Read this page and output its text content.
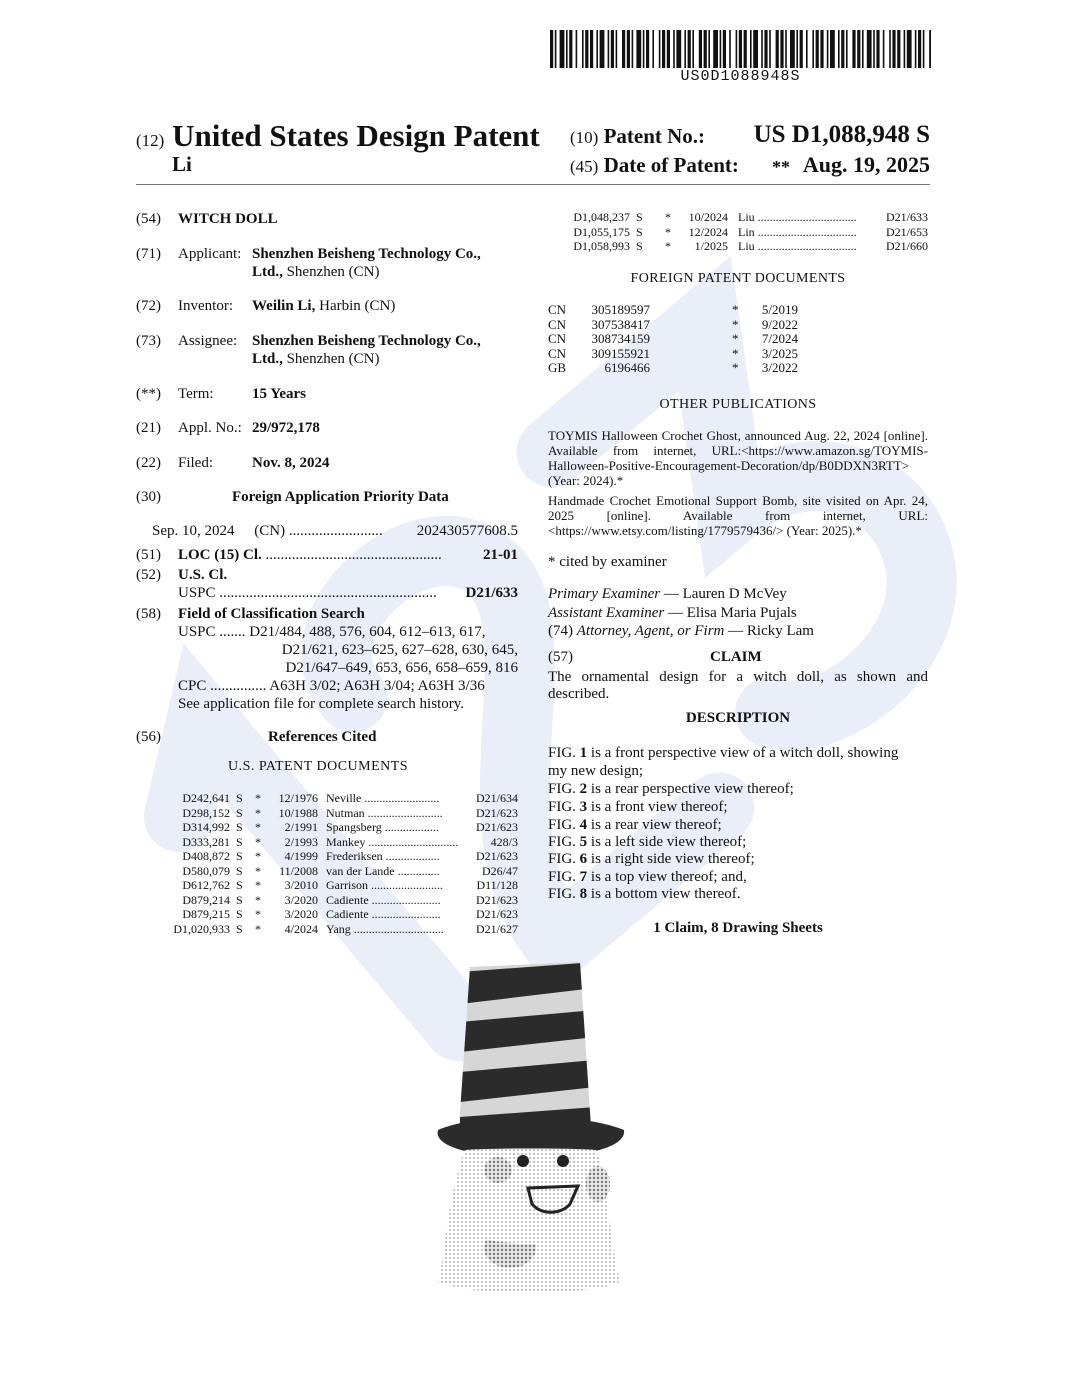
US0D1088948S
(12) United States Design Patent
Li
(10) Patent No.: US D1,088,948 S
(45) Date of Patent: ** Aug. 19, 2025
(54) WITCH DOLL
(71) Applicant: Shenzhen Beisheng Technology Co.,
Ltd., Shenzhen (CN)
(72) Inventor: Weilin Li, Harbin (CN)
(73) Assignee: Shenzhen Beisheng Technology Co.,
Ltd., Shenzhen (CN)
(**) Term:	15 Years
(21) Appl. No.: 29/972,178
(22) Filed:	Nov. 8, 2024
(30)	Foreign Application Priority Data
Sep. 10, 2024 (CN) ......................... 202430577608.5
(51) LOC (15) Cl. ...............................................	21-01
(52) U.S. Cl.
USPC .......................................................... D21/633
(58) Field of Classification Search
USPC ....... D21/484, 488, 576, 604, 612–613, 617,
D21/621, 623–625, 627–628, 630, 645,
D21/647–649, 653, 656, 658–659, 816
CPC ............... A63H 3/02; A63H 3/04; A63H 3/36
See application file for complete search history.
(56)	References Cited
U.S. PATENT DOCUMENTS
D242,641 S * 12/1976 Neville .........................	D21/634
D298,152 S * 10/1988 Nutman .........................	D21/623
D314,992 S * 2/1991 Spangsberg ..................	D21/623
D333,281 S * 2/1993 Mankey ..............................	428/3
D408,872 S * 4/1999 Frederiksen ..................	D21/623
D580,079 S * 11/2008 van der Lande ..............	D26/47
D612,762 S * 3/2010 Garrison ........................	D11/128
D879,214 S * 3/2020 Cadiente .......................	D21/623
D879,215 S * 3/2020 Cadiente .......................	D21/623
D1,020,933 S * 4/2024 Yang ..............................	D21/627
D1,048,237 S * 10/2024 Liu ................................. D21/633
D1,055,175 S * 12/2024 Lin ................................. D21/653
D1,058,993 S * 1/2025 Liu ................................. D21/660
FOREIGN PATENT DOCUMENTS
CN 305189597	* 5/2019
CN 307538417	* 9/2022
CN 308734159	* 7/2024
CN 309155921	* 3/2025
GB	6196466	* 3/2022
OTHER PUBLICATIONS
TOYMIS Halloween Crochet Ghost, announced Aug. 22, 2024 [online]. Available from internet, URL:<https://www.amazon.sg/TOYMIS-Halloween-Positive-Encouragement-Decoration/dp/B0DDXN3RTT> (Year: 2024).*
Handmade Crochet Emotional Support Bomb, site visited on Apr. 24, 2025 [online]. Available from internet, URL:<https://www.etsy.com/listing/1779579436/> (Year: 2025).*
* cited by examiner
Primary Examiner — Lauren D McVey
Assistant Examiner — Elisa Maria Pujals
(74) Attorney, Agent, or Firm — Ricky Lam
(57)	CLAIM
The ornamental design for a witch doll, as shown and described.
DESCRIPTION
FIG. 1 is a front perspective view of a witch doll, showing
my new design;
FIG. 2 is a rear perspective view thereof;
FIG. 3 is a front view thereof;
FIG. 4 is a rear view thereof;
FIG. 5 is a left side view thereof;
FIG. 6 is a right side view thereof;
FIG. 7 is a top view thereof; and,
FIG. 8 is a bottom view thereof.
1 Claim, 8 Drawing Sheets
